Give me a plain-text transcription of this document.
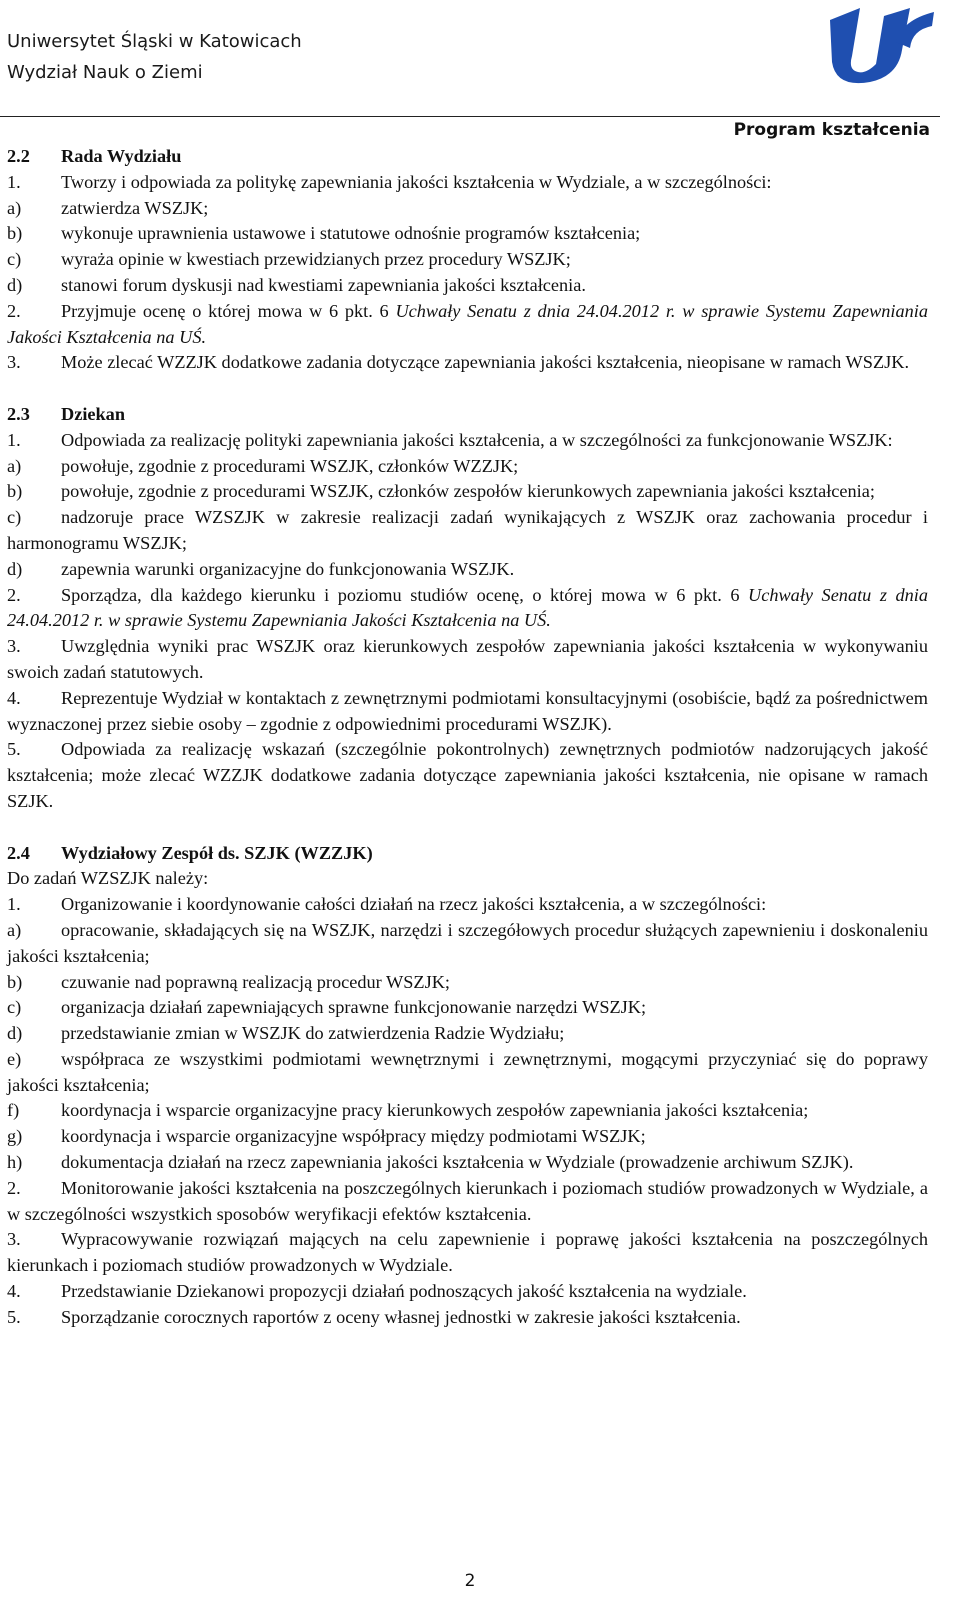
Uniwersytet Śląski w Katowicach
Wydział Nauk o Ziemi
Program kształcenia

2.2 Rada Wydziału

1. Tworzy i odpowiada za politykę zapewniania jakości kształcenia w Wydziale, a w szczególności:

a) zatwierdza WSZJK;

b) wykonuje uprawnienia ustawowe i statutowe odnośnie programów kształcenia;

c) wyraża opinie w kwestiach przewidzianych przez procedury WSZJK;

d) stanowi forum dyskusji nad kwestiami zapewniania jakości kształcenia.

2. Przyjmuje ocenę o której mowa w 6 pkt. 6 Uchwały Senatu z dnia 24.04.2012 r. w sprawie Systemu Zapewniania Jakości Kształcenia na UŚ.

3. Może zlecać WZZJK dodatkowe zadania dotyczące zapewniania jakości kształcenia, nieopisane w ramach WSZJK.

2.3 Dziekan

1. Odpowiada za realizację polityki zapewniania jakości kształcenia, a w szczególności za funkcjonowanie WSZJK:

a) powołuje, zgodnie z procedurami WSZJK, członków WZZJK;

b) powołuje, zgodnie z procedurami WSZJK, członków zespołów kierunkowych zapewniania jakości kształcenia;

c) nadzoruje prace WZSZJK w zakresie realizacji zadań wynikających z WSZJK oraz zachowania procedur i harmonogramu WSZJK;

d) zapewnia warunki organizacyjne do funkcjonowania WSZJK.

2. Sporządza, dla każdego kierunku i poziomu studiów ocenę, o której mowa w 6 pkt. 6 Uchwały Senatu z dnia 24.04.2012 r. w sprawie Systemu Zapewniania Jakości Kształcenia na UŚ.

3. Uwzględnia wyniki prac WSZJK oraz kierunkowych zespołów zapewniania jakości kształcenia w wykonywaniu swoich zadań statutowych.

4. Reprezentuje Wydział w kontaktach z zewnętrznymi podmiotami konsultacyjnymi (osobiście, bądź za pośrednictwem wyznaczonej przez siebie osoby – zgodnie z odpowiednimi procedurami WSZJK).

5. Odpowiada za realizację wskazań (szczególnie pokontrolnych) zewnętrznych podmiotów nadzorujących jakość kształcenia; może zlecać WZZJK dodatkowe zadania dotyczące zapewniania jakości kształcenia, nie opisane w ramach SZJK.

2.4 Wydziałowy Zespół ds. SZJK (WZZJK)

Do zadań WZSZJK należy:

1. Organizowanie i koordynowanie całości działań na rzecz jakości kształcenia, a w szczególności:

a) opracowanie, składających się na WSZJK, narzędzi i szczegółowych procedur służących zapewnieniu i doskonaleniu jakości kształcenia;

b) czuwanie nad poprawną realizacją procedur WSZJK;

c) organizacja działań zapewniających sprawne funkcjonowanie narzędzi WSZJK;

d) przedstawianie zmian w WSZJK do zatwierdzenia Radzie Wydziału;

e) współpraca ze wszystkimi podmiotami wewnętrznymi i zewnętrznymi, mogącymi przyczyniać się do poprawy jakości kształcenia;

f) koordynacja i wsparcie organizacyjne pracy kierunkowych zespołów zapewniania jakości kształcenia;

g) koordynacja i wsparcie organizacyjne współpracy między podmiotami WSZJK;

h) dokumentacja działań na rzecz zapewniania jakości kształcenia w Wydziale (prowadzenie archiwum SZJK).

2. Monitorowanie jakości kształcenia na poszczególnych kierunkach i poziomach studiów prowadzonych w Wydziale, a w szczególności wszystkich sposobów weryfikacji efektów kształcenia.

3. Wypracowywanie rozwiązań mających na celu zapewnienie i poprawę jakości kształcenia na poszczególnych kierunkach i poziomach studiów prowadzonych w Wydziale.

4. Przedstawianie Dziekanowi propozycji działań podnoszących jakość kształcenia na wydziale.

5. Sporządzanie corocznych raportów z oceny własnej jednostki w zakresie jakości kształcenia.

2
